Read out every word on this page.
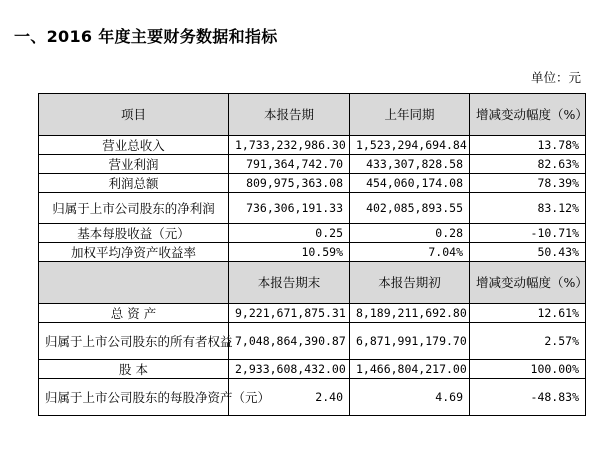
一、2016 年度主要财务数据和指标
单位：元
项目	本报告期	上年同期	增减变动幅度（%）
营业总收入	1,733,232,986.30	1,523,294,694.84	13.78%
营业利润	791,364,742.70	433,307,828.58	82.63%
利润总额	809,975,363.08	454,060,174.08	78.39%
归属于上市公司股东的净利润	736,306,191.33	402,085,893.55	83.12%
基本每股收益（元）	0.25	0.28	-10.71%
加权平均净资产收益率	10.59%	7.04%	50.43%
	本报告期末	本报告期初	增减变动幅度（%）
总 资 产	9,221,671,875.31	8,189,211,692.80	12.61%
归属于上市公司股东的所有者权益	7,048,864,390.87	6,871,991,179.70	2.57%
股 本	2,933,608,432.00	1,466,804,217.00	100.00%
归属于上市公司股东的每股净资产（元）	2.40	4.69	-48.83%
